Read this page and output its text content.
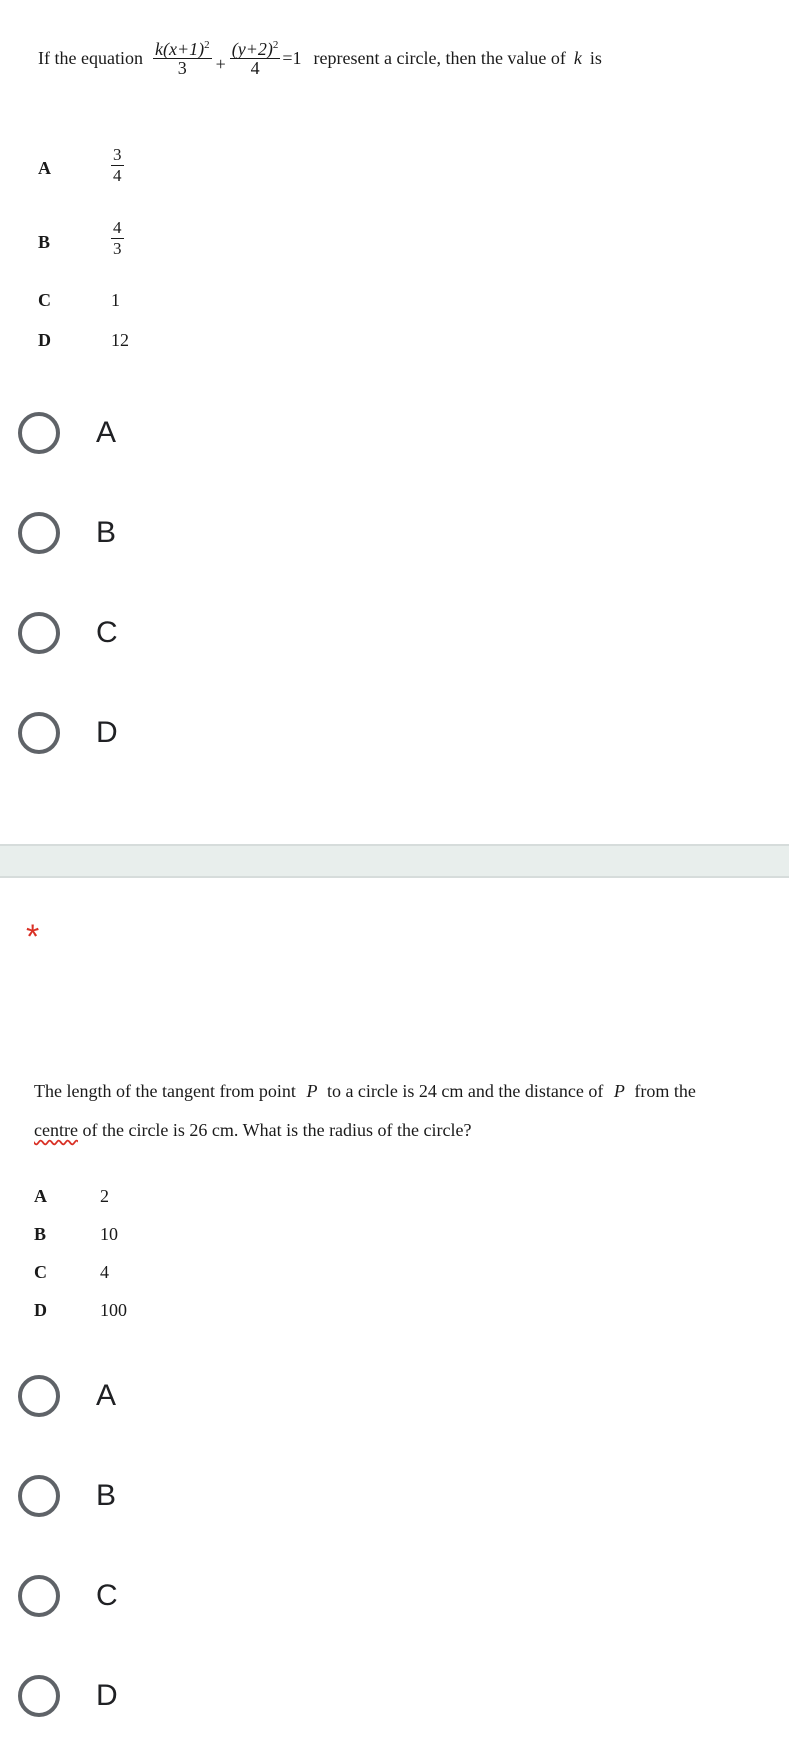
If the equation $\frac{k(x+1)^2}{3} + \frac{(y+2)^2}{4} =1$ represent a circle, then the value of k is
A	$\frac{3}{4}$
B	$\frac{4}{3}$
C	1
D	12
A
B
C
D
*
The length of the tangent from point P to a circle is 24 cm and the distance of P from the
centre of the circle is 26 cm. What is the radius of the circle?
A	2
B	10
C	4
D	100
A
B
C
D
